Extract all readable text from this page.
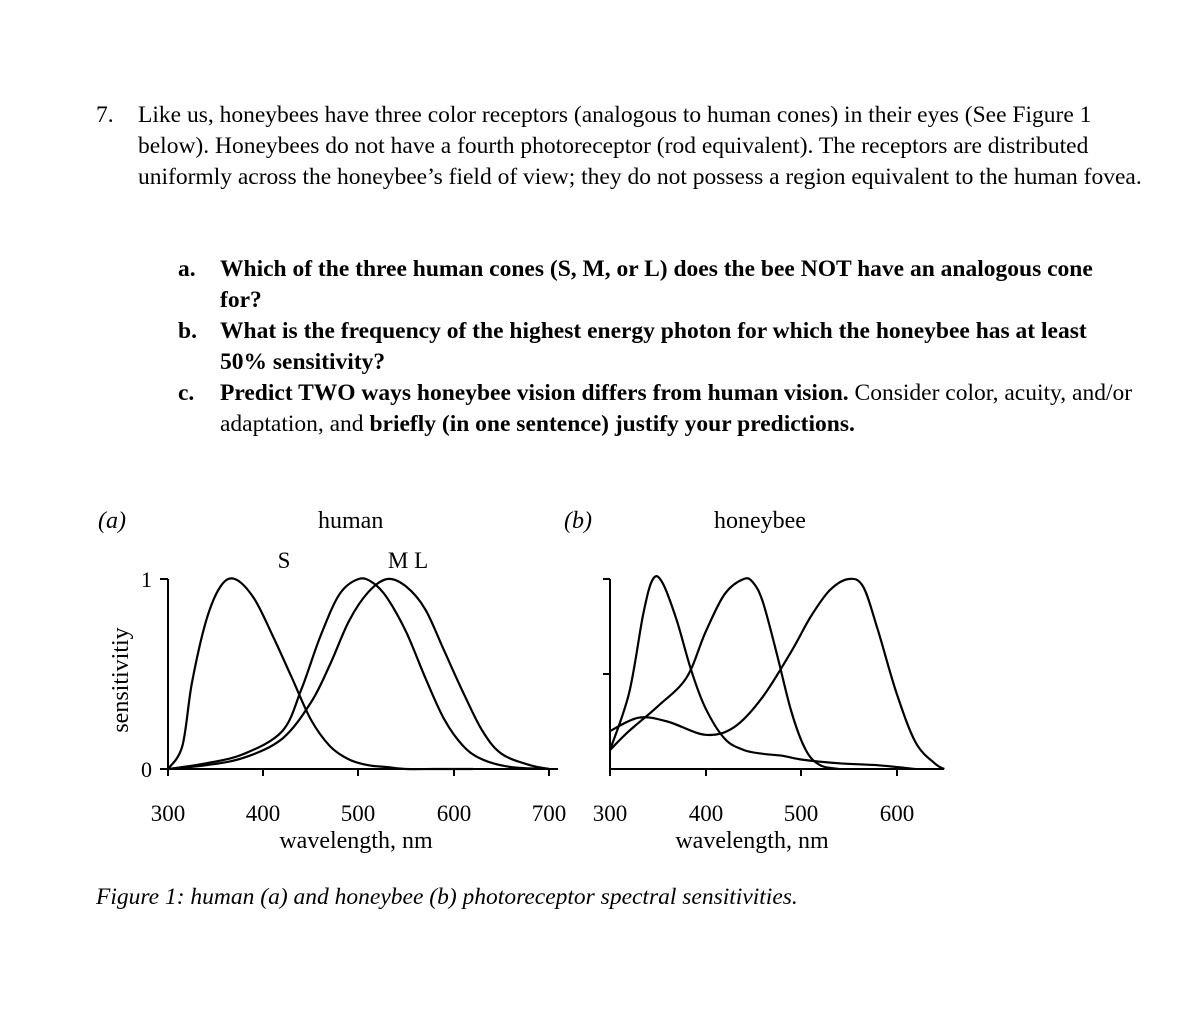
7. Like us, honeybees have three color receptors (analogous to human cones) in their eyes (See Figure 1 below). Honeybees do not have a fourth photoreceptor (rod equivalent). The receptors are distributed uniformly across the honeybee’s field of view; they do not possess a region equivalent to the human fovea.
a. Which of the three human cones (S, M, or L) does the bee NOT have an analogous cone for?
b. What is the frequency of the highest energy photon for which the honeybee has at least 50% sensitivity?
c. Predict TWO ways honeybee vision differs from human vision. Consider color, acuity, and/or adaptation, and briefly (in one sentence) justify your predictions.
(a)	human
S	M L
sensitivitiy
1
0
300	400	500	600	700
wavelength, nm
(b)	honeybee
300	400	500	600
wavelength, nm
Figure 1: human (a) and honeybee (b) photoreceptor spectral sensitivities.
